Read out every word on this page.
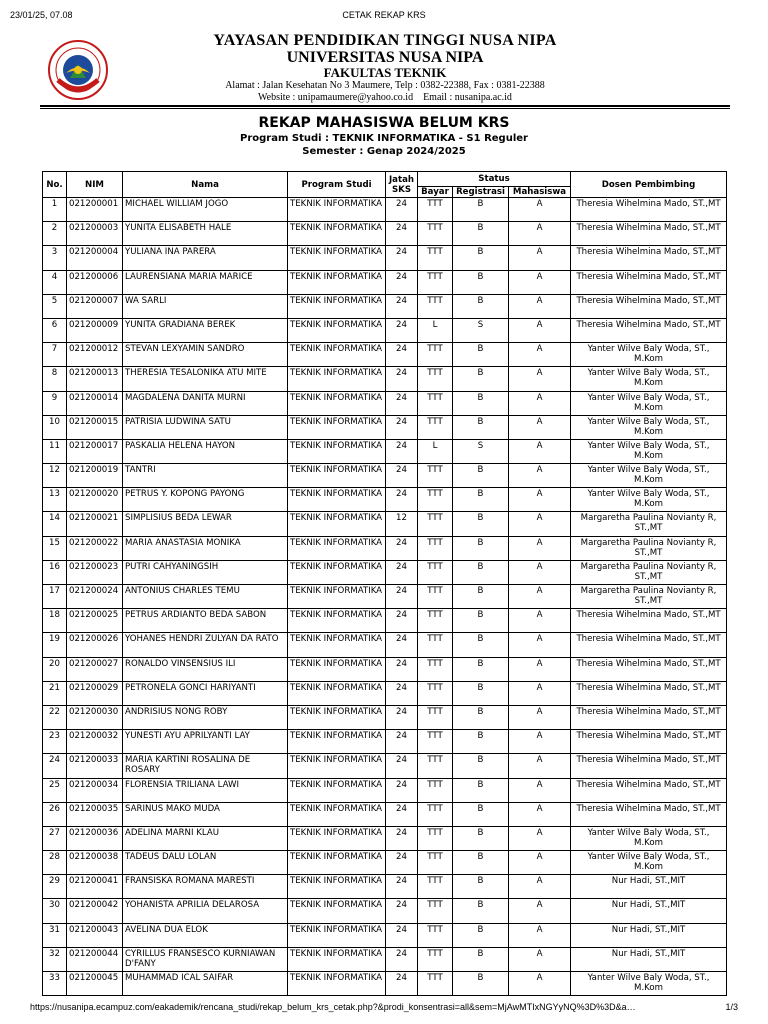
23/01/25, 07.08	CETAK REKAP KRS
YAYASAN PENDIDIKAN TINGGI NUSA NIPA
UNIVERSITAS NUSA NIPA
FAKULTAS TEKNIK
Alamat : Jalan Kesehatan No 3 Maumere, Telp : 0382-22388, Fax : 0381-22388
Website : unipamaumere@yahoo.co.id    Email : nusanipa.ac.id
REKAP MAHASISWA BELUM KRS
Program Studi : TEKNIK INFORMATIKA - S1 Reguler
Semester : Genap 2024/2025
No.	NIM	Nama	Program Studi	Jatah SKS	Status			Dosen Pembimbing
					Bayar	Registrasi	Mahasiswa	
1	021200001	MICHAEL WILLIAM JOGO	TEKNIK INFORMATIKA	24	TTT	B	A	Theresia Wihelmina Mado, ST.,MT
2	021200003	YUNITA ELISABETH HALE	TEKNIK INFORMATIKA	24	TTT	B	A	Theresia Wihelmina Mado, ST.,MT
3	021200004	YULIANA INA PARERA	TEKNIK INFORMATIKA	24	TTT	B	A	Theresia Wihelmina Mado, ST.,MT
4	021200006	LAURENSIANA MARIA MARICE	TEKNIK INFORMATIKA	24	TTT	B	A	Theresia Wihelmina Mado, ST.,MT
5	021200007	WA SARLI	TEKNIK INFORMATIKA	24	TTT	B	A	Theresia Wihelmina Mado, ST.,MT
6	021200009	YUNITA GRADIANA BEREK	TEKNIK INFORMATIKA	24	L	S	A	Theresia Wihelmina Mado, ST.,MT
7	021200012	STEVAN LEXYAMIN SANDRO	TEKNIK INFORMATIKA	24	TTT	B	A	Yanter Wilve Baly Woda, ST., M.Kom
8	021200013	THERESIA TESALONIKA ATU MITE	TEKNIK INFORMATIKA	24	TTT	B	A	Yanter Wilve Baly Woda, ST., M.Kom
9	021200014	MAGDALENA DANITA MURNI	TEKNIK INFORMATIKA	24	TTT	B	A	Yanter Wilve Baly Woda, ST., M.Kom
10	021200015	PATRISIA LUDWINA SATU	TEKNIK INFORMATIKA	24	TTT	B	A	Yanter Wilve Baly Woda, ST., M.Kom
11	021200017	PASKALIA HELENA HAYON	TEKNIK INFORMATIKA	24	L	S	A	Yanter Wilve Baly Woda, ST., M.Kom
12	021200019	TANTRI	TEKNIK INFORMATIKA	24	TTT	B	A	Yanter Wilve Baly Woda, ST., M.Kom
13	021200020	PETRUS Y. KOPONG PAYONG	TEKNIK INFORMATIKA	24	TTT	B	A	Yanter Wilve Baly Woda, ST., M.Kom
14	021200021	SIMPLISIUS BEDA LEWAR	TEKNIK INFORMATIKA	12	TTT	B	A	Margaretha Paulina Novianty R, ST.,MT
15	021200022	MARIA ANASTASIA MONIKA	TEKNIK INFORMATIKA	24	TTT	B	A	Margaretha Paulina Novianty R, ST.,MT
16	021200023	PUTRI CAHYANINGSIH	TEKNIK INFORMATIKA	24	TTT	B	A	Margaretha Paulina Novianty R, ST.,MT
17	021200024	ANTONIUS CHARLES TEMU	TEKNIK INFORMATIKA	24	TTT	B	A	Margaretha Paulina Novianty R, ST.,MT
18	021200025	PETRUS ARDIANTO BEDA SABON	TEKNIK INFORMATIKA	24	TTT	B	A	Theresia Wihelmina Mado, ST.,MT
19	021200026	YOHANES HENDRI ZULYAN DA RATO	TEKNIK INFORMATIKA	24	TTT	B	A	Theresia Wihelmina Mado, ST.,MT
20	021200027	RONALDO VINSENSIUS ILI	TEKNIK INFORMATIKA	24	TTT	B	A	Theresia Wihelmina Mado, ST.,MT
21	021200029	PETRONELA GONCI HARIYANTI	TEKNIK INFORMATIKA	24	TTT	B	A	Theresia Wihelmina Mado, ST.,MT
22	021200030	ANDRISIUS NONG ROBY	TEKNIK INFORMATIKA	24	TTT	B	A	Theresia Wihelmina Mado, ST.,MT
23	021200032	YUNESTI AYU APRILYANTI LAY	TEKNIK INFORMATIKA	24	TTT	B	A	Theresia Wihelmina Mado, ST.,MT
24	021200033	MARIA KARTINI ROSALINA DE ROSARY	TEKNIK INFORMATIKA	24	TTT	B	A	Theresia Wihelmina Mado, ST.,MT
25	021200034	FLORENSIA TRILIANA LAWI	TEKNIK INFORMATIKA	24	TTT	B	A	Theresia Wihelmina Mado, ST.,MT
26	021200035	SARINUS MAKO MUDA	TEKNIK INFORMATIKA	24	TTT	B	A	Theresia Wihelmina Mado, ST.,MT
27	021200036	ADELINA MARNI KLAU	TEKNIK INFORMATIKA	24	TTT	B	A	Yanter Wilve Baly Woda, ST., M.Kom
28	021200038	TADEUS DALU LOLAN	TEKNIK INFORMATIKA	24	TTT	B	A	Yanter Wilve Baly Woda, ST., M.Kom
29	021200041	FRANSISKA ROMANA MARESTI	TEKNIK INFORMATIKA	24	TTT	B	A	Nur Hadi, ST.,MIT
30	021200042	YOHANISTA APRILIA DELAROSA	TEKNIK INFORMATIKA	24	TTT	B	A	Nur Hadi, ST.,MIT
31	021200043	AVELINA DUA ELOK	TEKNIK INFORMATIKA	24	TTT	B	A	Nur Hadi, ST.,MIT
32	021200044	CYRILLUS FRANSESCO KURNIAWAN D'FANY	TEKNIK INFORMATIKA	24	TTT	B	A	Nur Hadi, ST.,MIT
33	021200045	MUHAMMAD ICAL SAIFAR	TEKNIK INFORMATIKA	24	TTT	B	A	Yanter Wilve Baly Woda, ST., M.Kom
https://nusanipa.ecampuz.com/eakademik/rencana_studi/rekap_belum_krs_cetak.php?&prodi_konsentrasi=all&sem=MjAwMTIxNGYyNQ%3D%3D&a…	1/3
